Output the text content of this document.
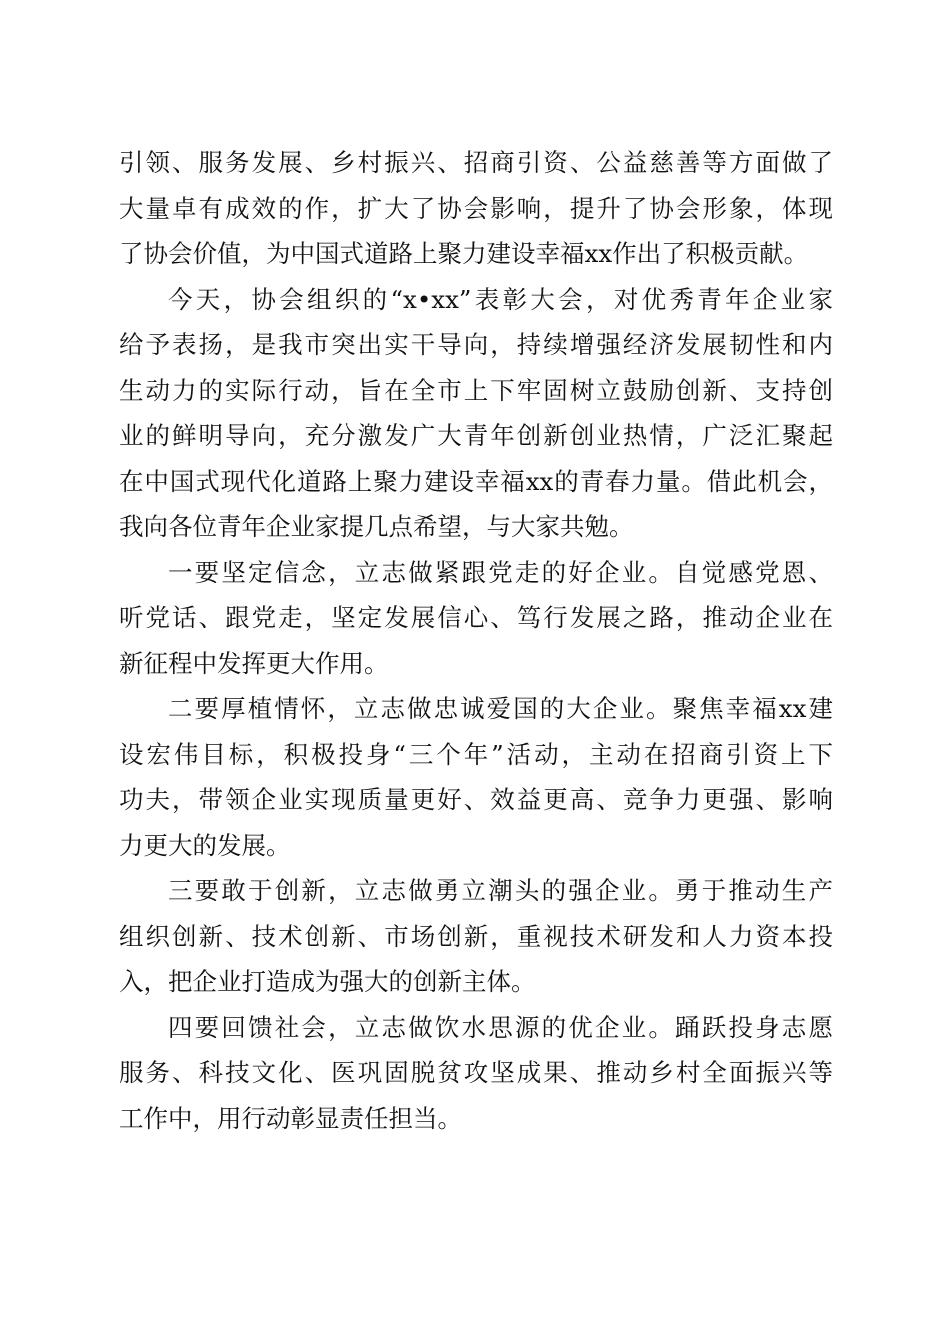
引领、服务发展、乡村振兴、招商引资、公益慈善等方面做了
大量卓有成效的作，扩大了协会影响，提升了协会形象，体现
了协会价值，为中国式道路上聚力建设幸福xx作出了积极贡献。
今天，协会组织的“x•xx”表彰大会，对优秀青年企业家
给予表扬，是我市突出实干导向，持续增强经济发展韧性和内
生动力的实际行动，旨在全市上下牢固树立鼓励创新、支持创
业的鲜明导向，充分激发广大青年创新创业热情，广泛汇聚起
在中国式现代化道路上聚力建设幸福xx的青春力量。借此机会，
我向各位青年企业家提几点希望，与大家共勉。
一要坚定信念，立志做紧跟党走的好企业。自觉感党恩、
听党话、跟党走，坚定发展信心、笃行发展之路，推动企业在
新征程中发挥更大作用。
二要厚植情怀，立志做忠诚爱国的大企业。聚焦幸福xx建
设宏伟目标，积极投身“三个年”活动，主动在招商引资上下
功夫，带领企业实现质量更好、效益更高、竞争力更强、影响
力更大的发展。
三要敢于创新，立志做勇立潮头的强企业。勇于推动生产
组织创新、技术创新、市场创新，重视技术研发和人力资本投
入，把企业打造成为强大的创新主体。
四要回馈社会，立志做饮水思源的优企业。踊跃投身志愿
服务、科技文化、医巩固脱贫攻坚成果、推动乡村全面振兴等
工作中，用行动彰显责任担当。
